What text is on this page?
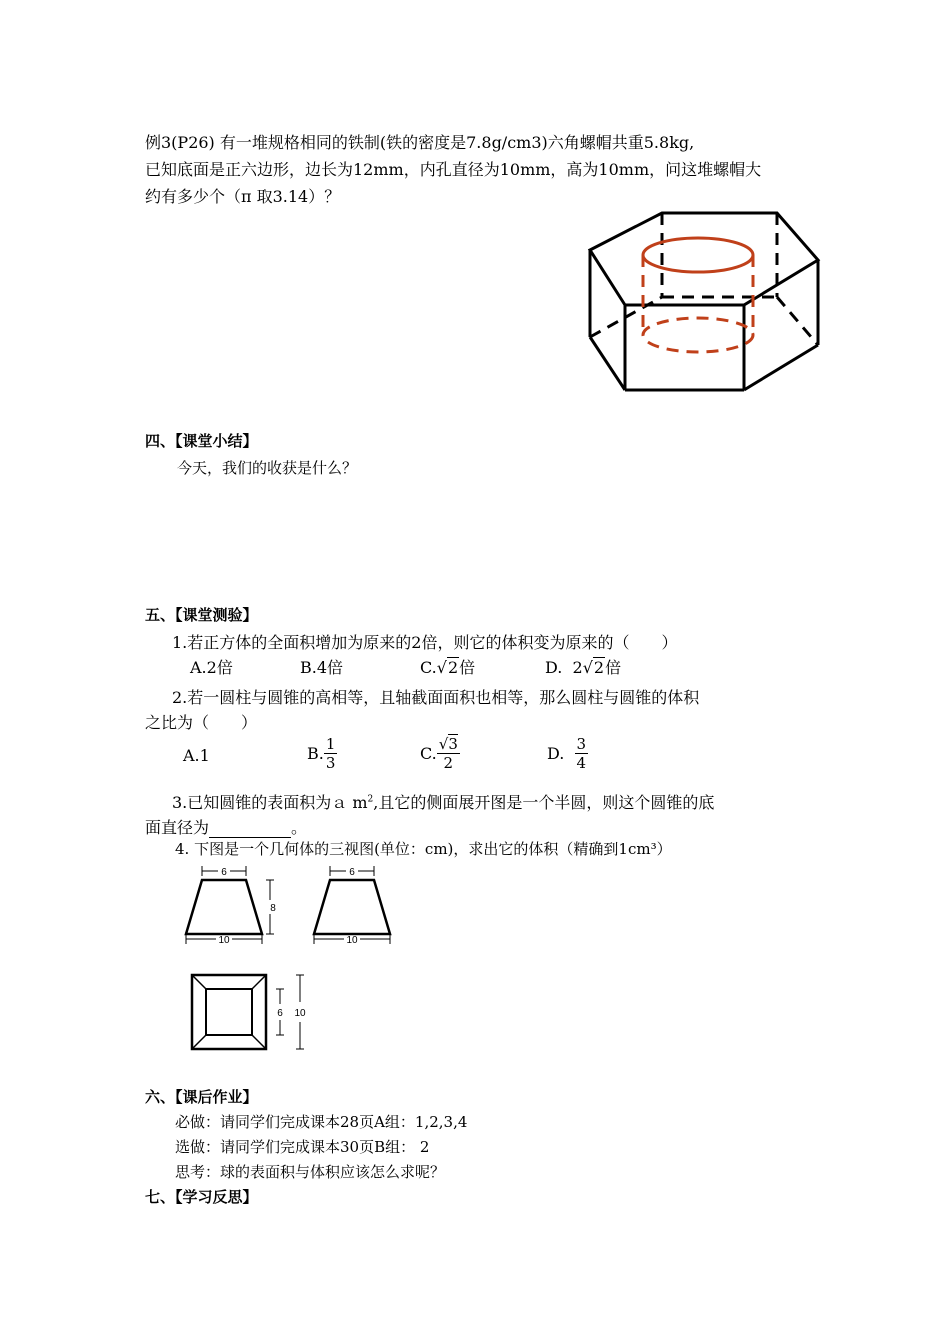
例3(P26) 有一堆规格相同的铁制(铁的密度是7.8g/cm3)六角螺帽共重5.8kg,
已知底面是正六边形，边长为12mm，内孔直径为10mm，高为10mm，问这堆螺帽大
约有多少个（π 取3.14）？
四、【课堂小结】
今天，我们的收获是什么？
五、【课堂测验】
1.若正方体的全面积增加为原来的2倍，则它的体积变为原来的（　　）
A.2倍	B.4倍	C.√2倍	D. 2√2倍
2.若一圆柱与圆锥的高相等，且轴截面面积也相等，那么圆柱与圆锥的体积
之比为（　　）
A.1	B. $\frac{1}{3}$	C. $\frac{√3}{2}$	D. $\frac{3}{4}$
3.已知圆锥的表面积为ａ $m^2$,且它的侧面展开图是一个半圆，则这个圆锥的底
面直径为	。
4. 下图是一个几何体的三视图(单位：cm)，求出它的体积（精确到1cm³）
6
10
8
6
10
6 10
六、【课后作业】
必做：请同学们完成课本28页A组：1,2,3,4
选做：请同学们完成课本30页B组： 2
思考：球的表面积与体积应该怎么求呢？
七、【学习反思】
